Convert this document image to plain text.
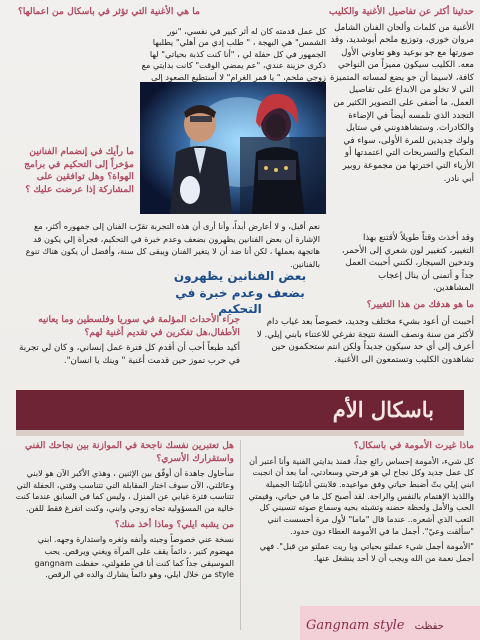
حدثينا أكثر عن تفاصيل الأغنية والكليب
الأغنية من كلمات وألحان الفنان الشامل مروان خوري، وتوزيع ملحم أبوشديد، وقد صورتها مع جو بوعيد وهو تعاوني الأول معه. الكليب سيكون مميزاً من النواحي كافة، لاسيما أن جو يضع لمساته المتميزة التي لا تخلو من الابداع على تفاصيل العمل، ما أضفى على التصوير الكثير من التجدد الذي تلمسه أيضاً في الإضاءة والكادرات. وستشاهدونني في ستايل ولوك جديدين للمرة الأولى، سواء في المكياج والتسريحات التي اعتمدتها أو الأزياء التي اخترتها من مجموعة روبير أبي نادر.
ما هي الأغنية التي تؤثر في باسكال من اعمالها؟
كل عمل قدمته كان له أثر كبير في نفسي، "نور الشمس" هي البهجة ، " طلب إدي من أهلي" يطلبها الجمهور في كل حفلة لي ، "أنا كنت كذبة بحياتي" لها ذكرى حزينة عندي، "عم يمضي الوقت" كانت بدايتي مع زوجي ملحم، " يا قمر الغرام" لا أستطيع الصعود إلى
ما رأيك في إنضمام الفنانين مؤخراً إلى التحكيم في برامج الهواة؟ وهل توافقين على المشاركة إذا عرضت عليك ؟
نعم أقبل، و لا أعارض أبداً، وأنا أرى أن هذه التجربة تقرّب الفنان إلى جمهوره أكثر، مع الإشارة أن بعض الفنانين يظهرون بضعف وعدم خبرة في التحكيم، فجرأة إلي يكون قد هاتجهة بعملها ، لكن أنا ضد أن لا يتغير الفنان ويبقى كل سنة، وأفضل أن يكون هناك تنوع بالفنانين.
بعض الفنانين يظهرون بضعف وعدم خبرة في التحكيم
وقد أخذت وقتاً طويلاً لأقتنع بهذا التغيير، كتغيير لون شعري إلى الأحمر، وتدخين السيجار، لكنني أحببت العمل جداً و أتمنى أن ينال إعجاب المشاهدين.
ما هو هدفك من هذا التغيير؟
أحببت أن أعود بشيء مختلف وجديد، خصوصاً بعد غياب دام لأكثر من سنة ونصف السنة نتيجة تفرغي للاعتناء بابني إيلي. لا أعرف إلى أي حد سيكون جديداً ولكن انتم ستحكمون حين تشاهدون الكليب وتستمعون الى الأغنية.
جراء الأحداث المؤلمة في سوريا وفلسطين وما يعانيه الأطفال،هل تفكرين في تقديم أغنية لهم؟
أكيد طبعاً أحب أن أقدم كل فترة عمل إنساني، و كان لي تجربة في حرب تموز حين قدمت أغنية " وينك يا انسان".
باسكال الأم
ماذا غيرت الأمومة في باسكال؟
كل شيء، الأمومة إحساس رائع جداً، فمنذ بدايتي الفنية وأنا أعتبر أن كل عمل جديد وكل نجاح لي هو فرحتي وسعادتي، أما بعد أن انجبت ابني إيلي بتّ أضبط حياتي وفق مواعيده. فلابنتي أنانيّتنا الجميلة واللذيذ الإهتمام بالنفس والراحة. لقد أصبح كل ما في حياتي، وقيمتي الحب والأمل ولحظة حضنه وتشبثه بحيه وسماع صوته تنسيني كل التعب الذي أشعره.. عندما قال "ماما" لأول مرة أحسست انني "سألقت وعيّ". أجمل ما في الأمومة العطاء دون حدود.
"الأمومة أجمل شيء عملتو بحياتي ويا ريت عملتو من قبل". فهي أجمل نعمة من الله ويجب أن لا أحد ينشغل عنها.
هل تعتبرين نفسك ناجحة في الموازنة بين نجاحك الفني واستقرارك الأسري؟
سأحاول جاهدة أن أوفّق بين الإثنين ، وهذي الأكبر الآن هو لابني وعائلتي، الآن سوف اختار المقابلة التي تتناسب وقتي، الحفلة التي تتناسب فترة غيابي عن المنزل ، وليس كما في السابق عندما كنت خالية من المسؤولية تجاه زوجي وابني، وكنت اتفرغ فقط للفن.
من يشبه ايلي؟ وماذا أخذ منك؟
نسخة عني خصوصاً وجبته وأنفه وثغره واستدارة وجهه. ابني مهضوم كتير ، دائماً يقف على المرآة ويغني ويرقص. يحب الموسيقى جداً كما كنت أنا في طفولتي، حفظت gangnam style من خلال ايلي، وهو دائماً يشارك والده في الرقص.
Gangnam style حفظت
